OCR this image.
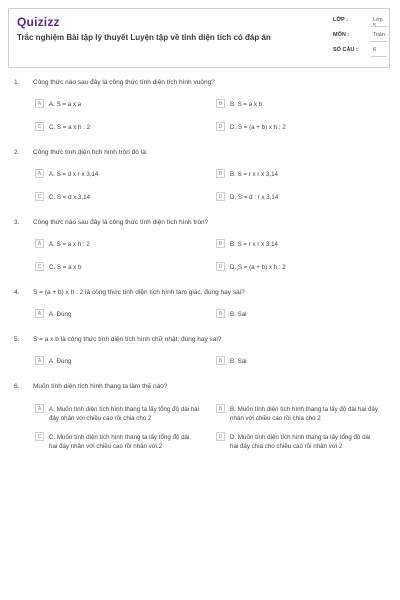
Quizizz
Trắc nghiệm Bài tập lý thuyết Luyện tập về tính diện tích có đáp án
LỚP :	Lớp 5
MÔN :	Toán
SỐ CÂU :	6
1. Công thức nào sau đây là công thức tính diện tích hình vuông?
A	A. S = a x a	B	B. S = a x b
C	C. S = a x h : 2	D	D. S = (a + b) x h : 2
2. Công thức tính diện tích hình tròn đó là:
A	A. S = d x r x 3,14	B	B. S = r x r x 3,14
C	C. S = d x 3,14	D	D. S = d : r x 3,14
3. Công thức nào sau đây là công thức tính diện tích hình tròn?
A	A. S = a x h : 2	B	B. S = r x r x 3,14
C	C. S = a x b	D	D. S = (a + b) x h : 2
4. S = (a + b) x h : 2 là công thức tính diện tích hình tam giác, đúng hay sai?
A	A. Đúng	B	B. Sai
5. S = a x b là công thức tính diện tích hình chữ nhật, đúng hay sai?
A	A. Đúng	B	B. Sai
6. Muốn tính diện tích hình thang ta làm thế nào?
A	A. Muốn tính diện tích hình thang ta lấy tổng độ dài hai đáy nhân với chiều cao rồi chia cho 2
B	B. Muốn tính diện tích hình thang ta lấy độ dài hai đáy nhân với chiều cao rồi chia cho 2
C	C. Muốn tính diện tích hình thang ta lấy tổng độ dài hai đáy nhân với chiều cao rồi nhân với 2
D	D. Muốn tính diện tích hình thang ta lấy tổng độ dài hai đáy chia cho chiều cao rồi nhân với 2
